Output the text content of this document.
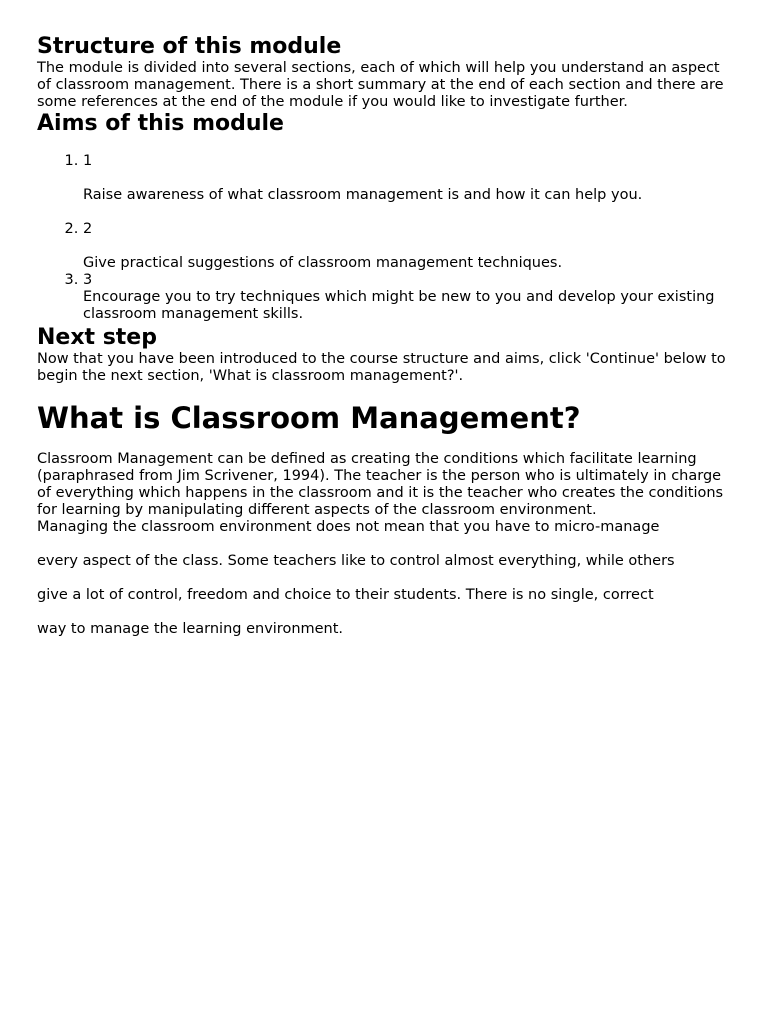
Structure of this module

The module is divided into several sections, each of which will help you understand an aspect of classroom management. There is a short summary at the end of each section and there are some references at the end of the module if you would like to investigate further.

Aims of this module
1. 1

Raise awareness of what classroom management is and how it can help you.

2. 2

Give practical suggestions of classroom management techniques.

3. 3

Encourage you to try techniques which might be new to you and develop your existing classroom management skills.

Next step

Now that you have been introduced to the course structure and aims, click 'Continue' below to begin the next section, 'What is classroom management?'.

What is Classroom Management?

Classroom Management can be defined as creating the conditions which facilitate learning (paraphrased from Jim Scrivener, 1994). The teacher is the person who is ultimately in charge of everything which happens in the classroom and it is the teacher who creates the conditions for learning by manipulating different aspects of the classroom environment.

Managing the classroom environment does not mean that you have to micro-manage

every aspect of the class. Some teachers like to control almost everything, while others

give a lot of control, freedom and choice to their students. There is no single, correct

way to manage the learning environment.
